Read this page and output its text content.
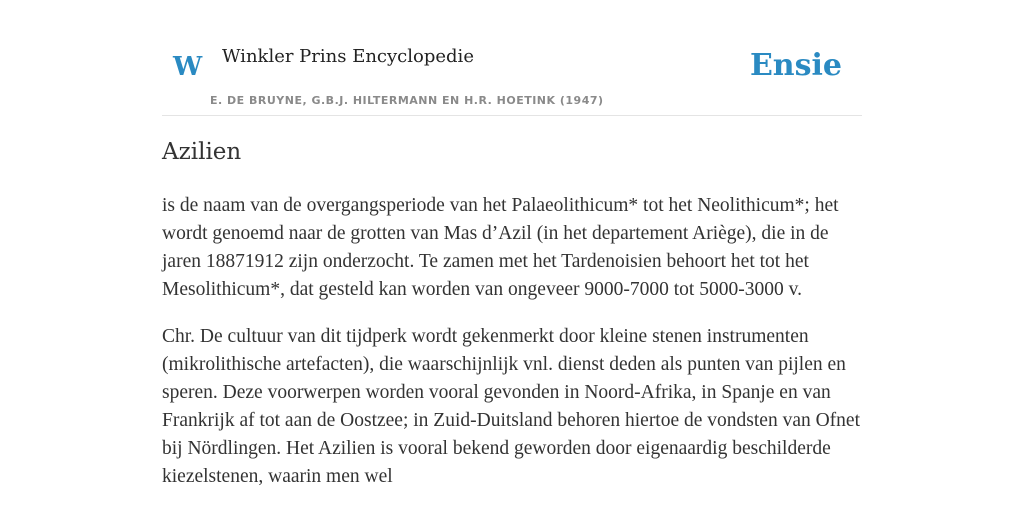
W Winkler Prins Encyclopedie
E. DE BRUYNE, G.B.J. HILTERMANN EN H.R. HOETINK (1947)
Ensie
Azilien

is de naam van de overgangsperiode van het Palaeolithicum* tot het Neolithicum*; het wordt genoemd naar de grotten van Mas d’Azil (in het departement Ariège), die in de jaren 18871912 zijn onderzocht. Te zamen met het Tardenoisien behoort het tot het Mesolithicum*, dat gesteld kan worden van ongeveer 9000-7000 tot 5000-3000 v.

Chr. De cultuur van dit tijdperk wordt gekenmerkt door kleine stenen instrumenten (mikrolithische artefacten), die waarschijnlijk vnl. dienst deden als punten van pijlen en speren. Deze voorwerpen worden vooral gevonden in Noord-Afrika, in Spanje en van Frankrijk af tot aan de Oostzee; in Zuid-Duitsland behoren hiertoe de vondsten van Ofnet bij Nördlingen. Het Azilien is vooral bekend geworden door eigenaardig beschilderde kiezelstenen, waarin men wel
